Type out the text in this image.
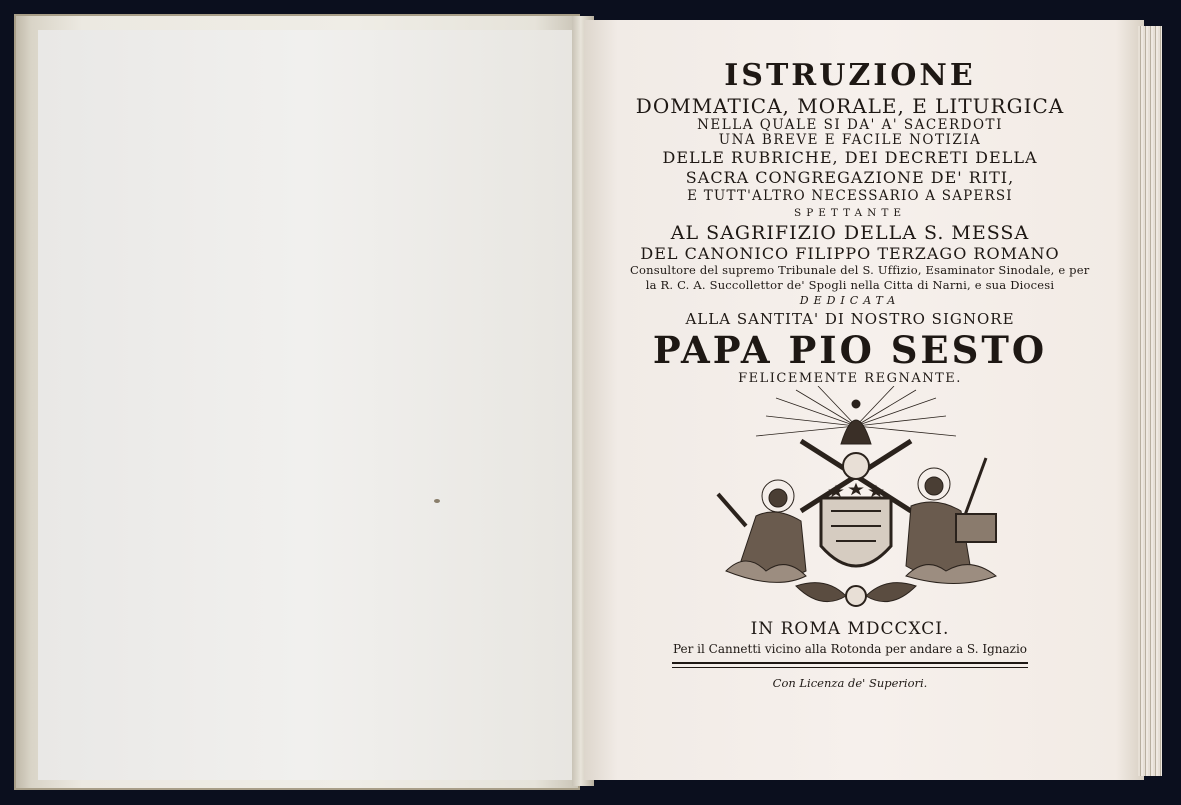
ISTRUZIONE
DOMMATICA, MORALE, E LITURGICA
NELLA QUALE SI DA' A' SACERDOTI
UNA BREVE E FACILE NOTIZIA
DELLE RUBRICHE, DEI DECRETI DELLA
SACRA CONGREGAZIONE DE' RITI,
E TUTT'ALTRO NECESSARIO A SAPERSI
SPETTANTE
AL SAGRIFIZIO DELLA S. MESSA
DEL CANONICO FILIPPO TERZAGO ROMANO
Consultore del supremo Tribunale del S. Uffizio, Esaminator Sinodale, e per
la R. C. A. Succollettor de' Spogli nella Citta di Narni, e sua Diocesi
DEDICATA
ALLA SANTITA' DI NOSTRO SIGNORE
PAPA PIO SESTO
FELICEMENTE REGNANTE.
IN ROMA MDCCXCI.
Per il Cannetti vicino alla Rotonda per andare a S. Ignazio
Con Licenza de' Superiori.
